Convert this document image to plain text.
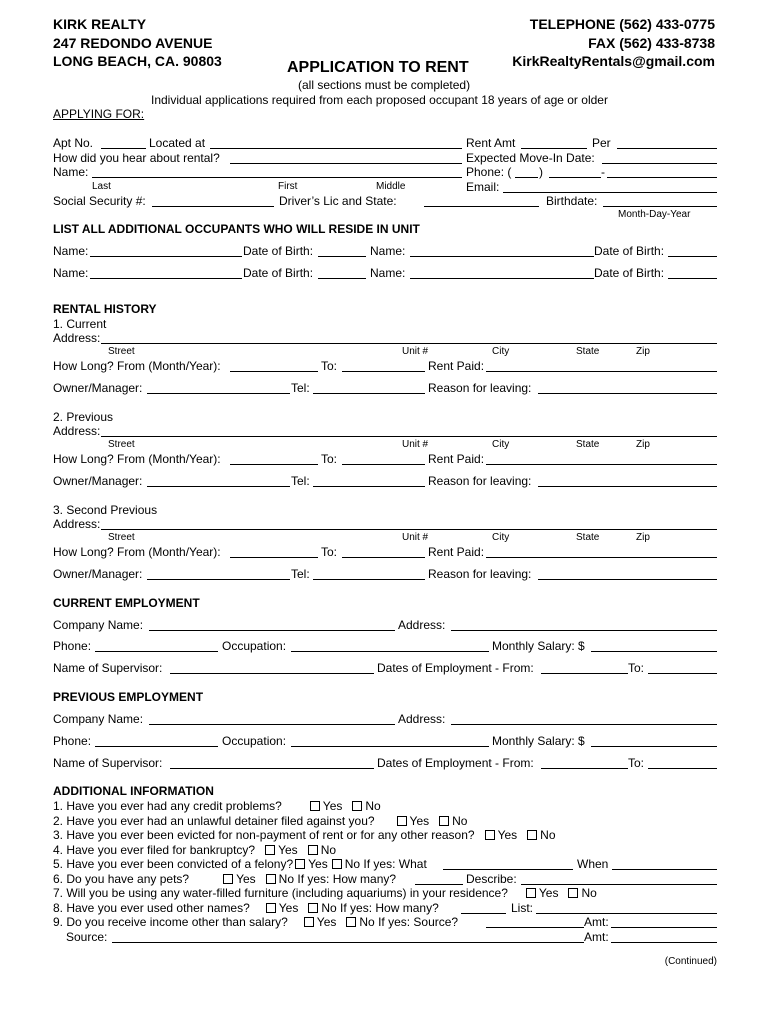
KIRK REALTY
247 REDONDO AVENUE
LONG BEACH, CA. 90803
TELEPHONE (562) 433-0775
FAX (562) 433-8738
KirkRealtyRentals@gmail.com
APPLICATION TO RENT
(all sections must be completed)
Individual applications required from each proposed occupant 18 years of age or older
APPLYING FOR:
Apt No.	Located at	Rent Amt	Per
How did you hear about rental?	Expected Move-In Date:
Name:	Phone: ( )	-
Last	First	Middle	Email:
Social Security #:	Driver’s Lic and State:	Birthdate:
Month-Day-Year
LIST ALL ADDITIONAL OCCUPANTS WHO WILL RESIDE IN UNIT
Name:	Date of Birth:	Name:	Date of Birth:
Name:	Date of Birth:	Name:	Date of Birth:
RENTAL HISTORY
1. Current
Address:
Street	Unit #	City	State	Zip
How Long? From (Month/Year):	To:	Rent Paid:
Owner/Manager:	Tel:	Reason for leaving:
2. Previous
Address:
Street	Unit #	City	State	Zip
How Long? From (Month/Year):	To:	Rent Paid:
Owner/Manager:	Tel:	Reason for leaving:
3. Second Previous
Address:
Street	Unit #	City	State	Zip
How Long? From (Month/Year):	To:	Rent Paid:
Owner/Manager:	Tel:	Reason for leaving:
CURRENT EMPLOYMENT
Company Name:	Address:
Phone:	Occupation:	Monthly Salary: $
Name of Supervisor:	Dates of Employment - From:	To:
PREVIOUS EMPLOYMENT
Company Name:	Address:
Phone:	Occupation:	Monthly Salary: $
Name of Supervisor:	Dates of Employment - From:	To:
ADDITIONAL INFORMATION
1. Have you ever had any credit problems?	Yes No
2. Have you ever had an unlawful detainer filed against you?	Yes No
3. Have you ever been evicted for non-payment of rent or for any other reason? Yes No
4. Have you ever filed for bankruptcy? Yes No
5. Have you ever been convicted of a felony? Yes No If yes: What	When
6. Do you have any pets?	Yes No If yes: How many?	Describe:
7. Will you be using any water-filled furniture (including aquariums) in your residence?	Yes No
8. Have you ever used other names? Yes No If yes: How many?	List:
9. Do you receive income other than salary? Yes No If yes: Source?	Amt:
Source:	Amt:
(Continued)
